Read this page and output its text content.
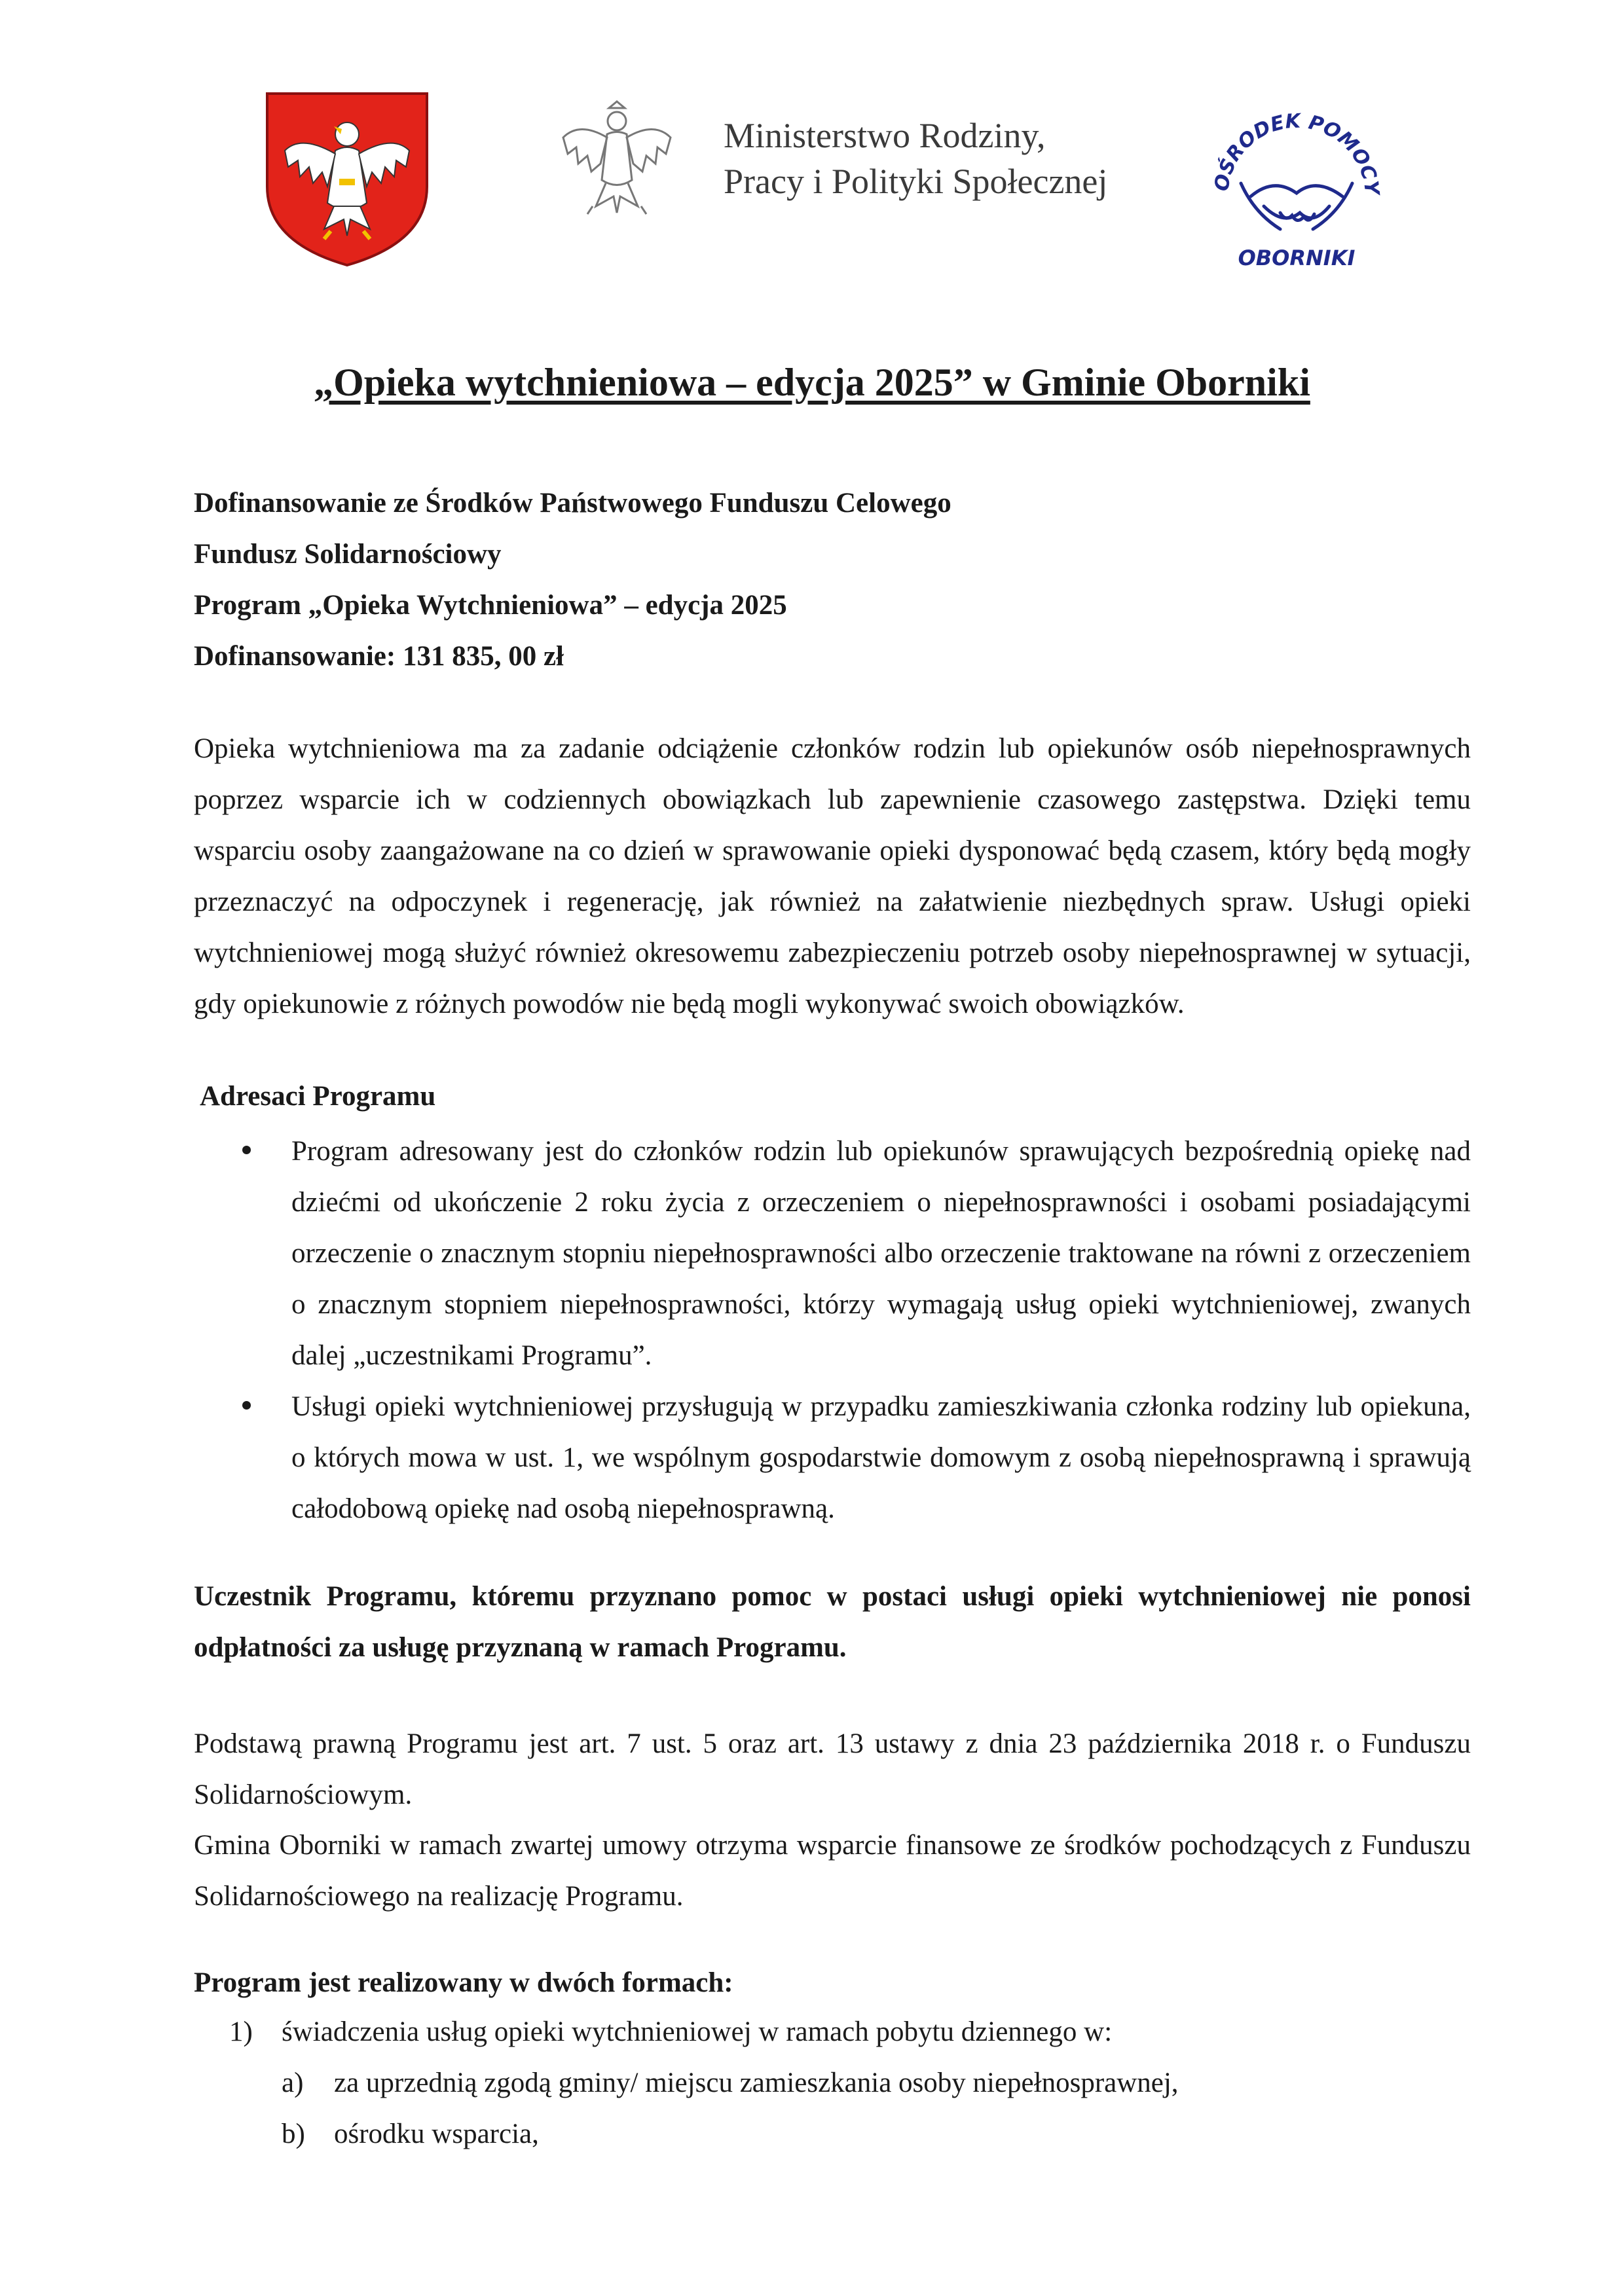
Ministerstwo Rodziny,
Pracy i Polityki Społecznej	OŚRODEK POMOCY
OBORNIKI
„Opieka wytchnieniowa – edycja 2025” w Gminie Oborniki
Dofinansowanie ze Środków Państwowego Funduszu Celowego
Fundusz Solidarnościowy
Program „Opieka Wytchnieniowa” – edycja 2025
Dofinansowanie: 131 835, 00 zł
Opieka wytchnieniowa ma za zadanie odciążenie członków rodzin lub opiekunów osób niepełnosprawnych poprzez wsparcie ich w codziennych obowiązkach lub zapewnienie czasowego zastępstwa. Dzięki temu wsparciu osoby zaangażowane na co dzień w sprawowanie opieki dysponować będą czasem, który będą mogły przeznaczyć na odpoczynek i regenerację, jak również na załatwienie niezbędnych spraw. Usługi opieki wytchnieniowej mogą służyć również okresowemu zabezpieczeniu potrzeb osoby niepełnosprawnej w sytuacji, gdy opiekunowie z różnych powodów nie będą mogli wykonywać swoich obowiązków.
Adresaci Programu
Program adresowany jest do członków rodzin lub opiekunów sprawujących bezpośrednią opiekę nad dziećmi od ukończenie 2 roku życia z orzeczeniem o niepełnosprawności i osobami posiadającymi orzeczenie o znacznym stopniu niepełnosprawności albo orzeczenie traktowane na równi z orzeczeniem o znacznym stopniem niepełnosprawności, którzy wymagają usług opieki wytchnieniowej, zwanych dalej „uczestnikami Programu”.
Usługi opieki wytchnieniowej przysługują w przypadku zamieszkiwania członka rodziny lub opiekuna, o których mowa w ust. 1, we wspólnym gospodarstwie domowym z osobą niepełnosprawną i sprawują całodobową opiekę nad osobą niepełnosprawną.
Uczestnik Programu, któremu przyznano pomoc w postaci usługi opieki wytchnieniowej nie ponosi odpłatności za usługę przyznaną w ramach Programu.
Podstawą prawną Programu jest art. 7 ust. 5 oraz art. 13 ustawy z dnia 23 października 2018 r. o Funduszu Solidarnościowym.
Gmina Oborniki w ramach zwartej umowy otrzyma wsparcie finansowe ze środków pochodzących z Funduszu Solidarnościowego na realizację Programu.
Program jest realizowany w dwóch formach:
1) świadczenia usług opieki wytchnieniowej w ramach pobytu dziennego w:
a) za uprzednią zgodą gminy/ miejscu zamieszkania osoby niepełnosprawnej,
b) ośrodku wsparcia,
